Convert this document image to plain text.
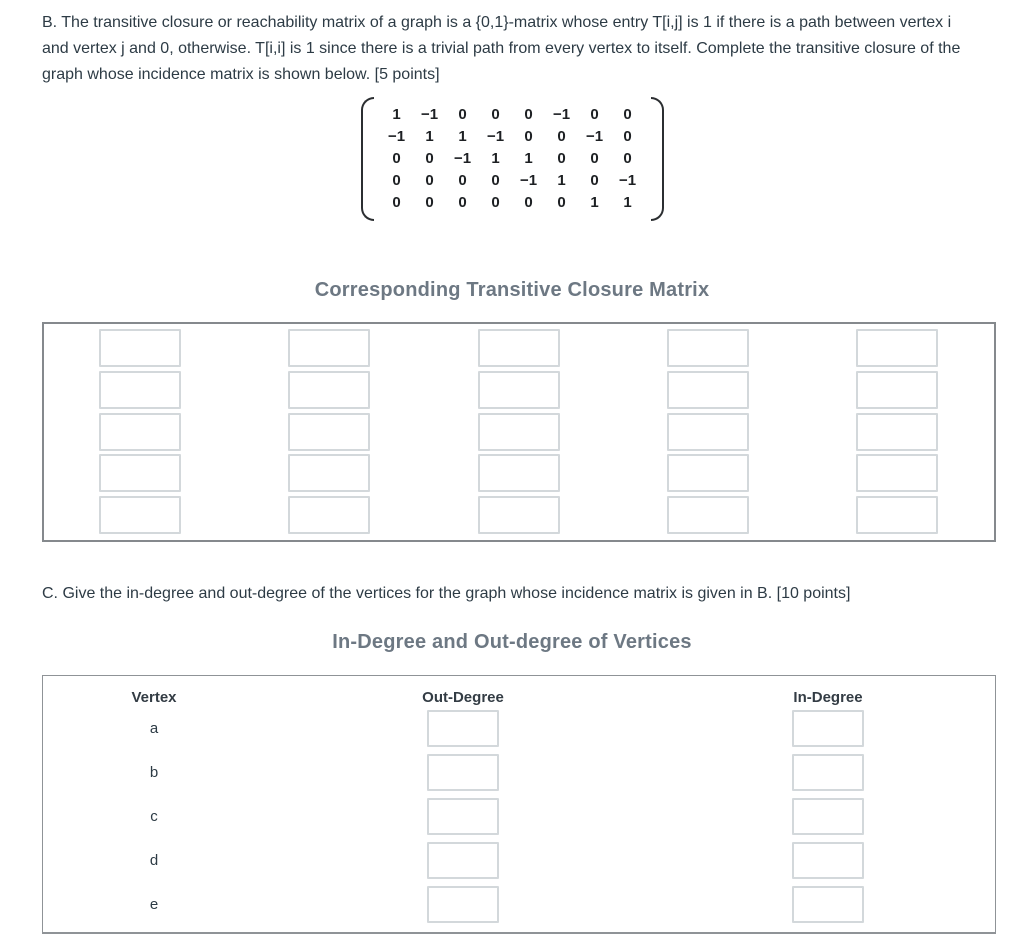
B. The transitive closure or reachability matrix of a graph is a {0,1}-matrix whose entry T[i,j] is 1 if there is a path between vertex i and vertex j and 0, otherwise. T[i,i] is 1 since there is a trivial path from every vertex to itself. Complete the transitive closure of the graph whose incidence matrix is shown below. [5 points]

1	−1	0	0	0	−1	0	0
−1	1	1	−1	0	0	−1	0
0	0	−1	1	1	0	0	0
0	0	0	0	−1	1	0	−1
0	0	0	0	0	0	1	1
Corresponding Transitive Closure Matrix

C. Give the in-degree and out-degree of the vertices for the graph whose incidence matrix is given in B. [10 points]

In-Degree and Out-degree of Vertices
Vertex	Out-Degree	In-Degree
a
b
c
d
e
